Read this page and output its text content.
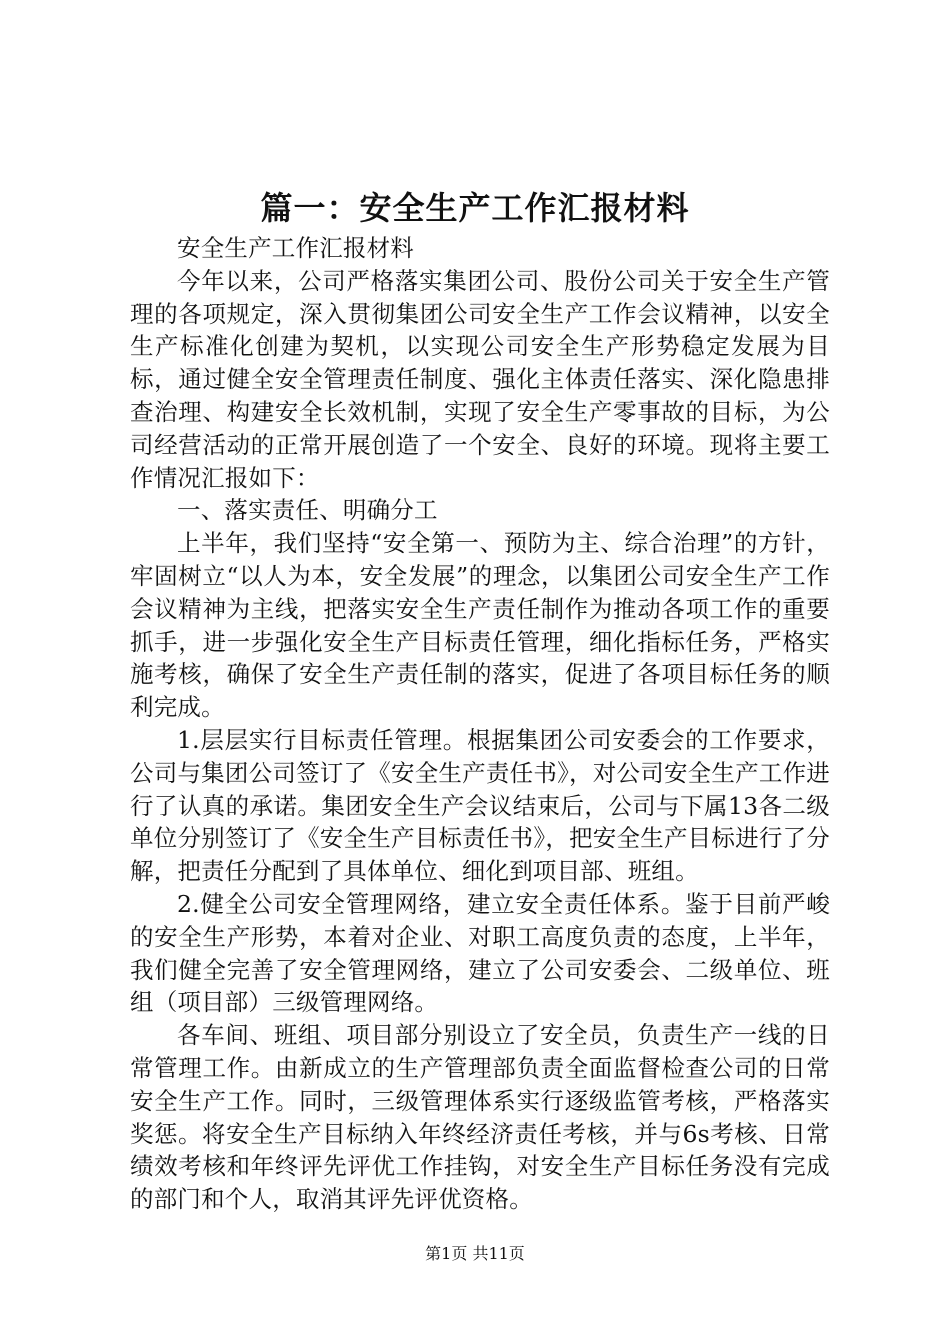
篇一：安全生产工作汇报材料

安全生产工作汇报材料

今年以来，公司严格落实集团公司、股份公司关于安全生产管理的各项规定，深入贯彻集团公司安全生产工作会议精神，以安全生产标准化创建为契机，以实现公司安全生产形势稳定发展为目标，通过健全安全管理责任制度、强化主体责任落实、深化隐患排查治理、构建安全长效机制，实现了安全生产零事故的目标，为公司经营活动的正常开展创造了一个安全、良好的环境。现将主要工作情况汇报如下：

一、落实责任、明确分工

上半年，我们坚持“安全第一、预防为主、综合治理”的方针，牢固树立“以人为本，安全发展”的理念，以集团公司安全生产工作会议精神为主线，把落实安全生产责任制作为推动各项工作的重要抓手，进一步强化安全生产目标责任管理，细化指标任务，严格实施考核，确保了安全生产责任制的落实，促进了各项目标任务的顺利完成。

1.层层实行目标责任管理。根据集团公司安委会的工作要求，公司与集团公司签订了《安全生产责任书》，对公司安全生产工作进行了认真的承诺。集团安全生产会议结束后，公司与下属13各二级单位分别签订了《安全生产目标责任书》，把安全生产目标进行了分解，把责任分配到了具体单位、细化到项目部、班组。

2.健全公司安全管理网络，建立安全责任体系。鉴于目前严峻的安全生产形势，本着对企业、对职工高度负责的态度，上半年，我们健全完善了安全管理网络，建立了公司安委会、二级单位、班组（项目部）三级管理网络。

各车间、班组、项目部分别设立了安全员，负责生产一线的日常管理工作。由新成立的生产管理部负责全面监督检查公司的日常安全生产工作。同时，三级管理体系实行逐级监管考核，严格落实奖惩。将安全生产目标纳入年终经济责任考核，并与6s考核、日常绩效考核和年终评先评优工作挂钩，对安全生产目标任务没有完成的部门和个人，取消其评先评优资格。

第1页 共11页
